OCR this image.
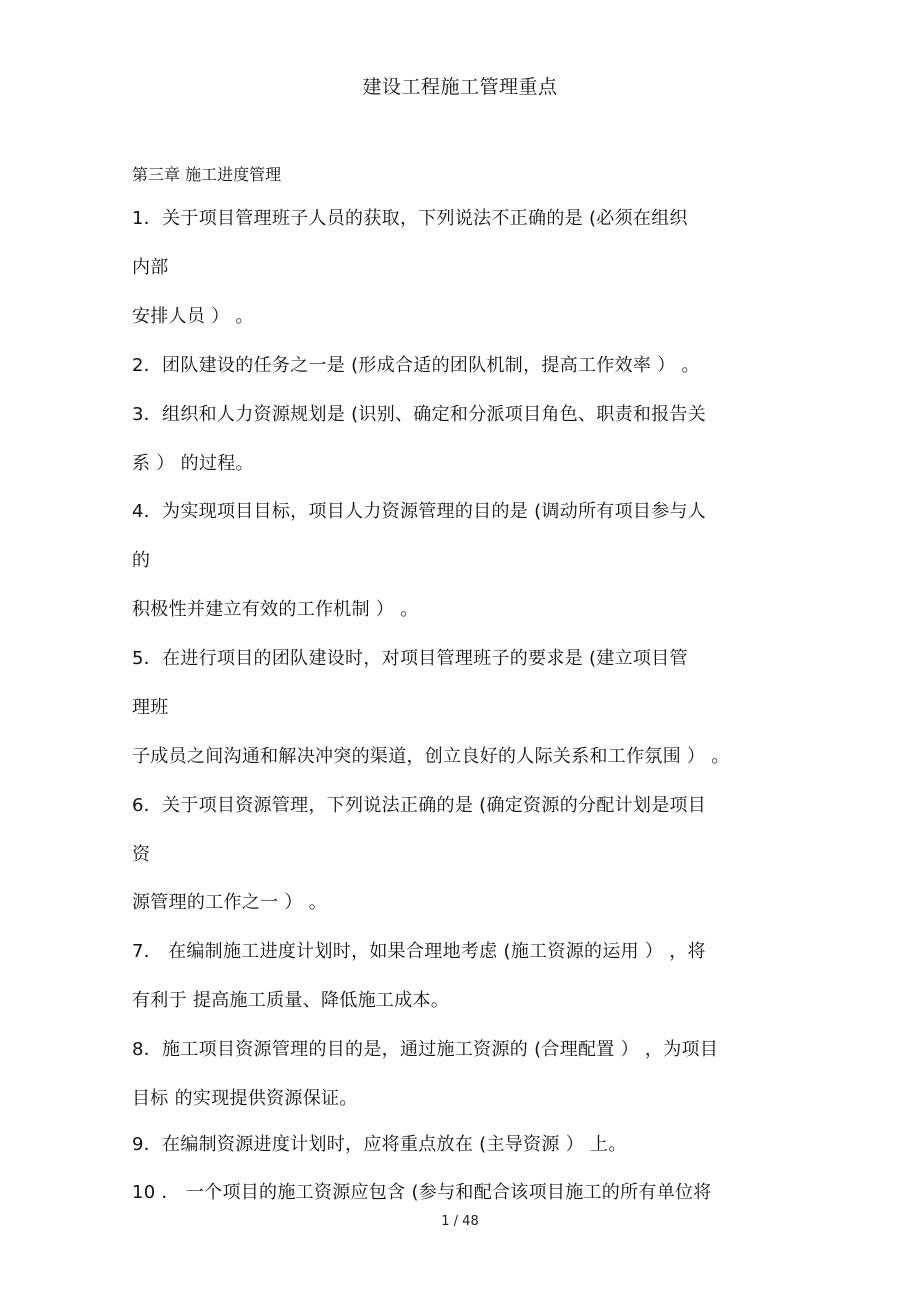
建设工程施工管理重点
第三章 施工进度管理
1．关于项目管理班子人员的获取，下列说法不正确的是 (必须在组织
内部
安排人员 ） 。
2．团队建设的任务之一是 (形成合适的团队机制，提高工作效率 ） 。
3．组织和人力资源规划是 (识别、确定和分派项目角色、职责和报告关
系 ） 的过程。
4．为实现项目目标，项目人力资源管理的目的是 (调动所有项目参与人
的
积极性并建立有效的工作机制 ） 。
5．在进行项目的团队建设时，对项目管理班子的要求是 (建立项目管
理班
子成员之间沟通和解决冲突的渠道，创立良好的人际关系和工作氛围 ） 。
6．关于项目资源管理，下列说法正确的是 (确定资源的分配计划是项目
资
源管理的工作之一 ） 。
7． 在编制施工进度计划时，如果合理地考虑 (施工资源的运用 ） ，将
有利于 提高施工质量、降低施工成本。
8．施工项目资源管理的目的是，通过施工资源的 (合理配置 ） ，为项目
目标 的实现提供资源保证。
9．在编制资源进度计划时，应将重点放在 (主导资源 ） 上。
10 ． 一个项目的施工资源应包含 (参与和配合该项目施工的所有单位将
1 / 48
